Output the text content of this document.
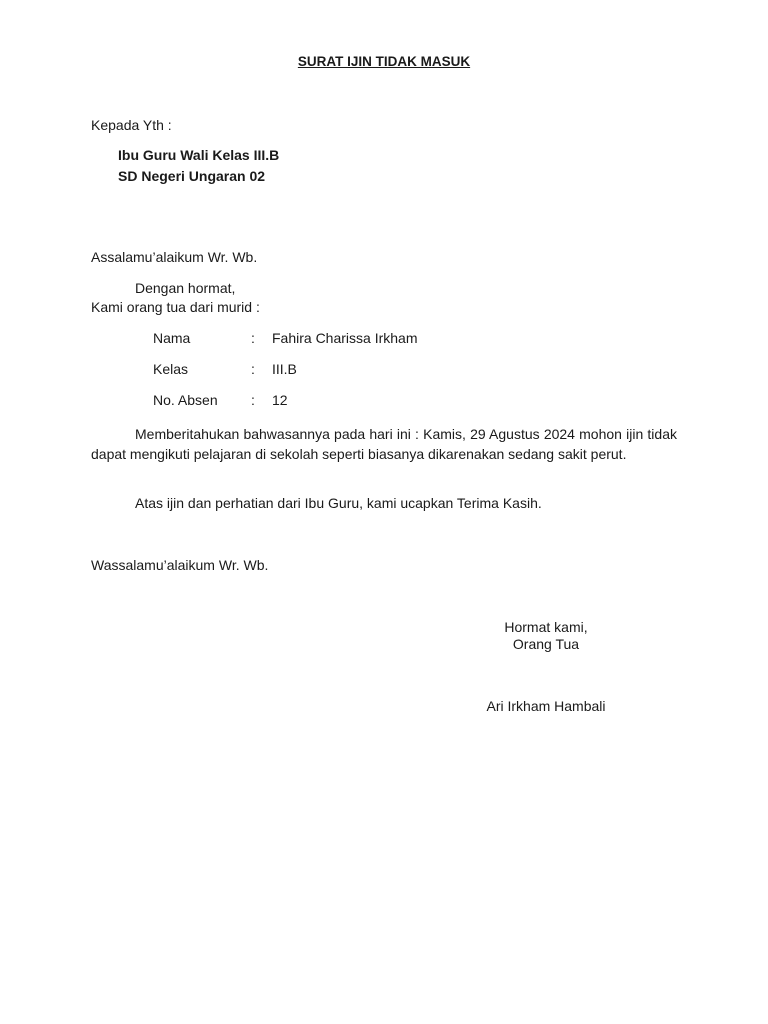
SURAT IJIN TIDAK MASUK
Kepada Yth :
Ibu Guru Wali Kelas III.B
SD Negeri Ungaran 02
Assalamu’alaikum Wr. Wb.
Dengan hormat,
Kami orang tua dari murid :
Nama	: Fahira Charissa Irkham
Kelas	: III.B
No. Absen : 12
Memberitahukan bahwasannya pada hari ini : Kamis, 29 Agustus 2024 mohon ijin tidak dapat mengikuti pelajaran di sekolah seperti biasanya dikarenakan sedang sakit perut.
Atas ijin dan perhatian dari Ibu Guru, kami ucapkan Terima Kasih.
Wassalamu’alaikum Wr. Wb.
Hormat kami,
Orang Tua
Ari Irkham Hambali
